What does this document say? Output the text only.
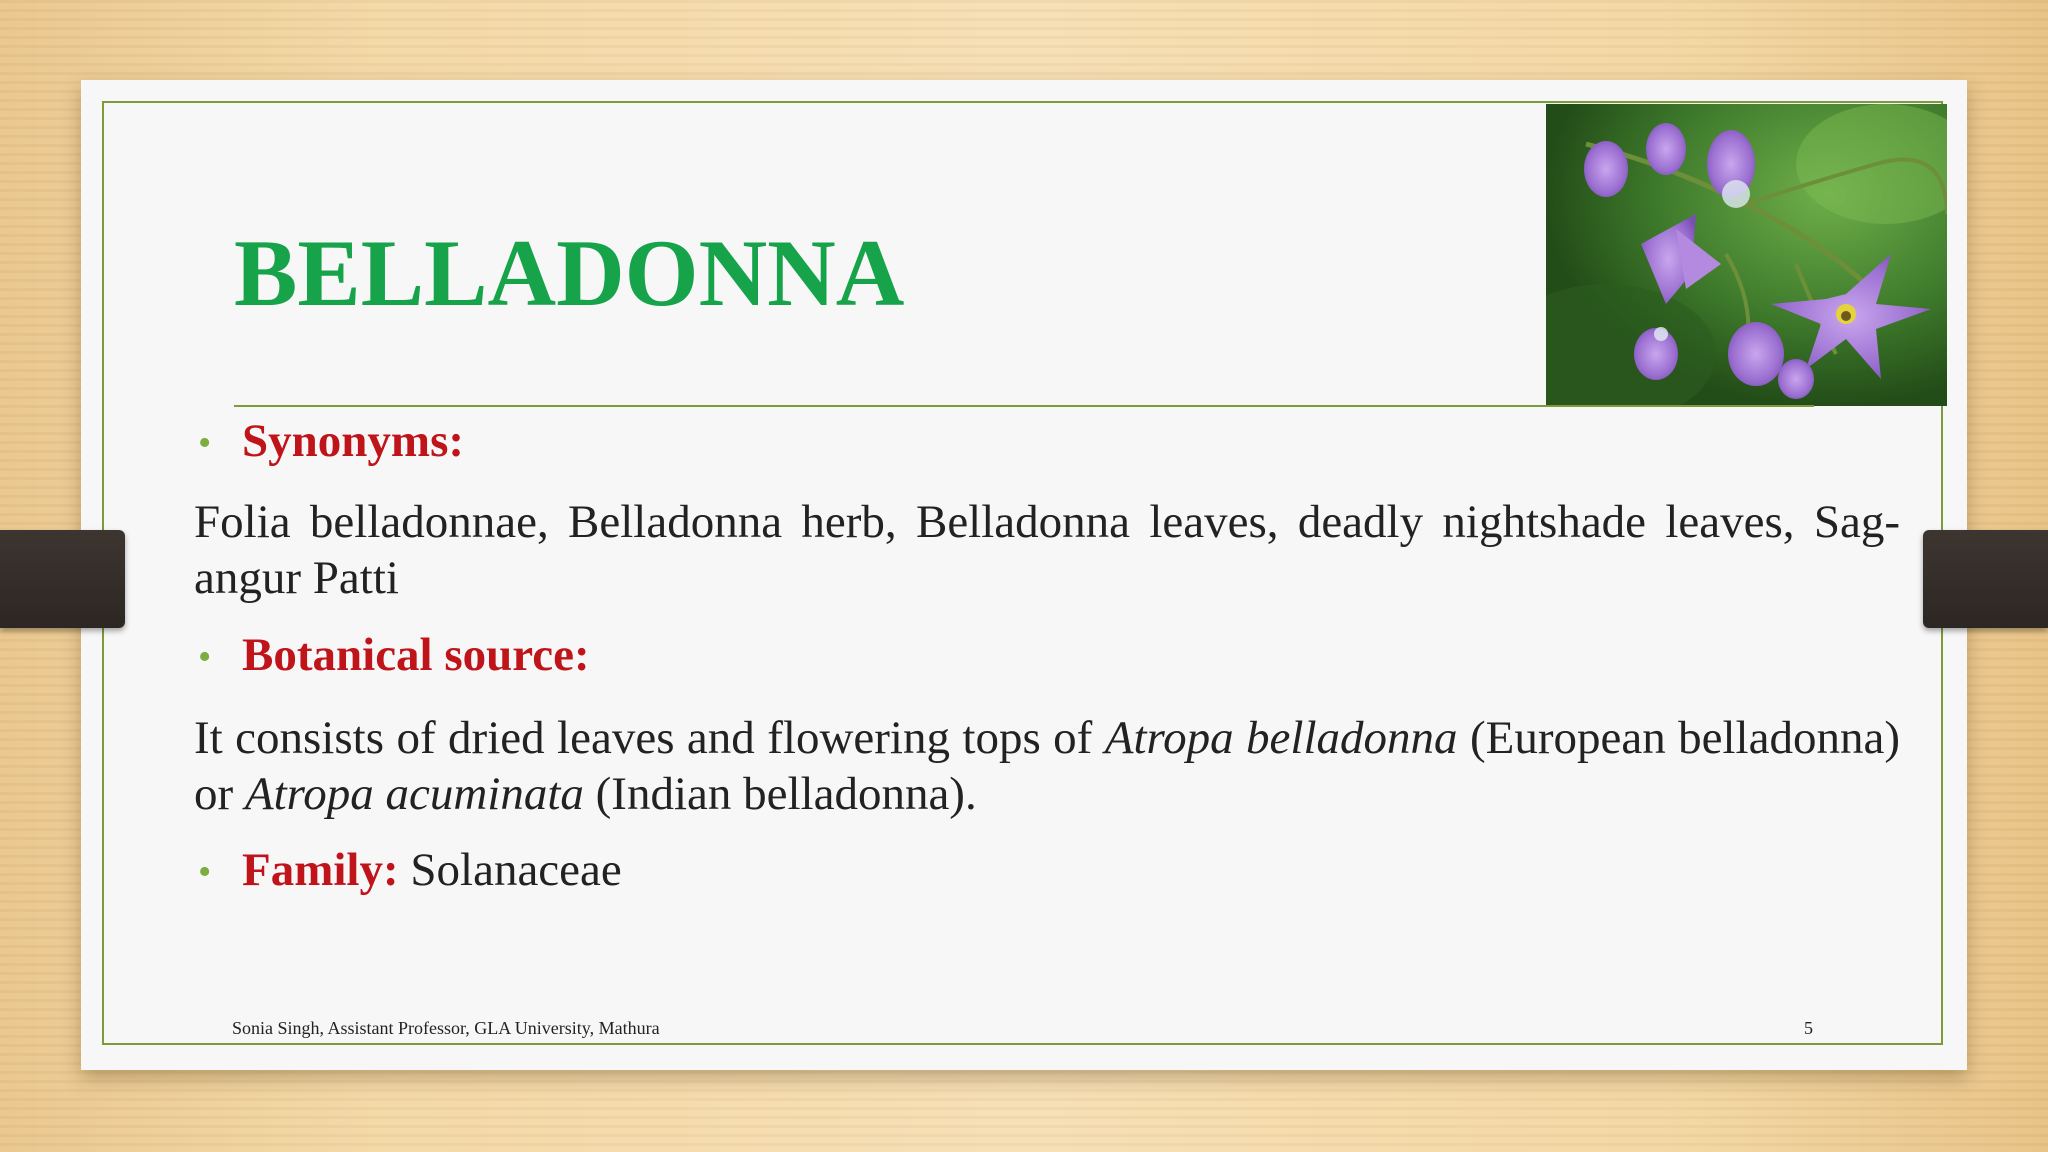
BELLADONNA
• Synonyms:
Folia belladonnae, Belladonna herb, Belladonna leaves, deadly nightshade leaves, Sag-angur Patti
• Botanical source:
It consists of dried leaves and flowering tops of Atropa belladonna (European belladonna) or Atropa acuminata (Indian belladonna).
• Family: Solanaceae
Sonia Singh, Assistant Professor, GLA University, Mathura	5
